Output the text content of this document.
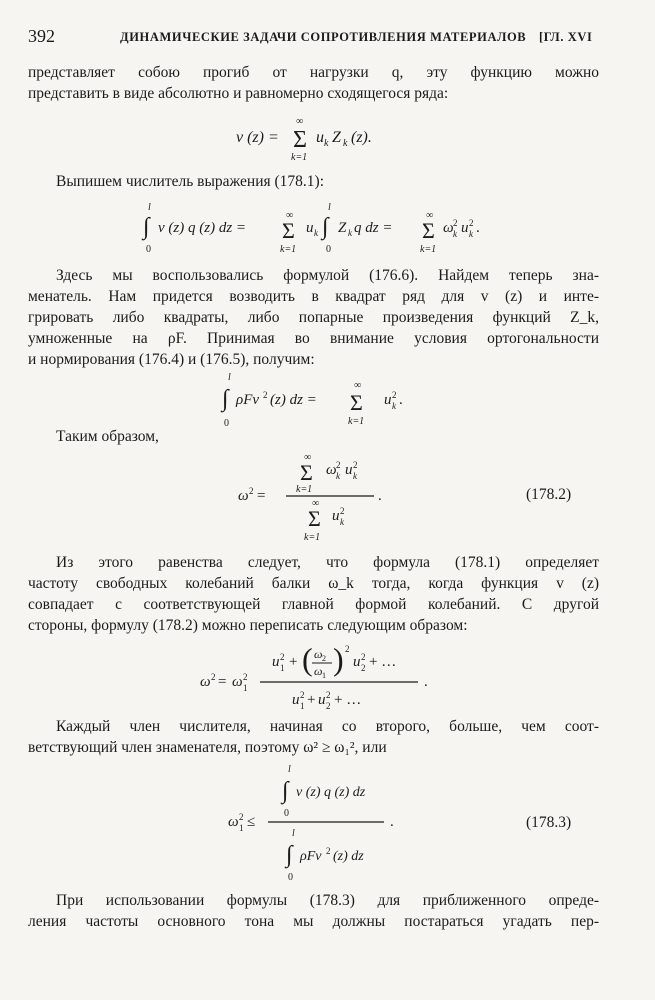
392	ДИНАМИЧЕСКИЕ ЗАДАЧИ СОПРОТИВЛЕНИЯ МАТЕРИАЛОВ [ГЛ. XVI
представляет собою прогиб от нагрузки q, эту функцию можно
представить в виде абсолютно и равномерно сходящегося ряда:
v (z) =
∞
Σ
k=1
u k Z k (z).
Выпишем числитель выражения (178.1):
l
∫
0
v (z) q (z) dz =
∞
Σ
k=1
u k
l
∫
0
Z k q dz =
∞
Σ
k=1
ω 2
k u 2
k .
Здесь мы воспользовались формулой (176.6). Найдем теперь зна-
менатель. Нам придется возводить в квадрат ряд для v (z) и инте-
грировать либо квадраты, либо попарные произведения функций Z_k,
умноженные на ρF. Принимая во внимание условия ортогональности
и нормирования (176.4) и (176.5), получим:
l
∫
0
ρFv 2 (z) dz =
∞
Σ
k=1
u 2
k .
Таким образом,
ω 2 =
∞
Σ
k=1
ω 2
k u 2
k
.
∞
Σ
k=1
u 2
k
(178.2)
Из этого равенства следует, что формула (178.1) определяет
частоту свободных колебаний балки ω_k тогда, когда функция v (z)
совпадает с соответствующей главной формой колебаний. С другой
стороны, формулу (178.2) можно переписать следующим образом:
ω 2 = ω 2
1
u 2
1 + ( ω 2
ω 1 ) 2
u 2
2 + …
.
u 2
1 + u 2
2 + …
Каждый член числителя, начиная со второго, больше, чем соот-
ветствующий член знаменателя, поэтому ω² ≥ ω₁², или
ω 2
1 ≤
l
∫
0
v (z) q (z) dz
.
l
∫
0
ρFv 2 (z) dz
(178.3)
При использовании формулы (178.3) для приближенного опреде-
ления частоты основного тона мы должны постараться угадать пер-
